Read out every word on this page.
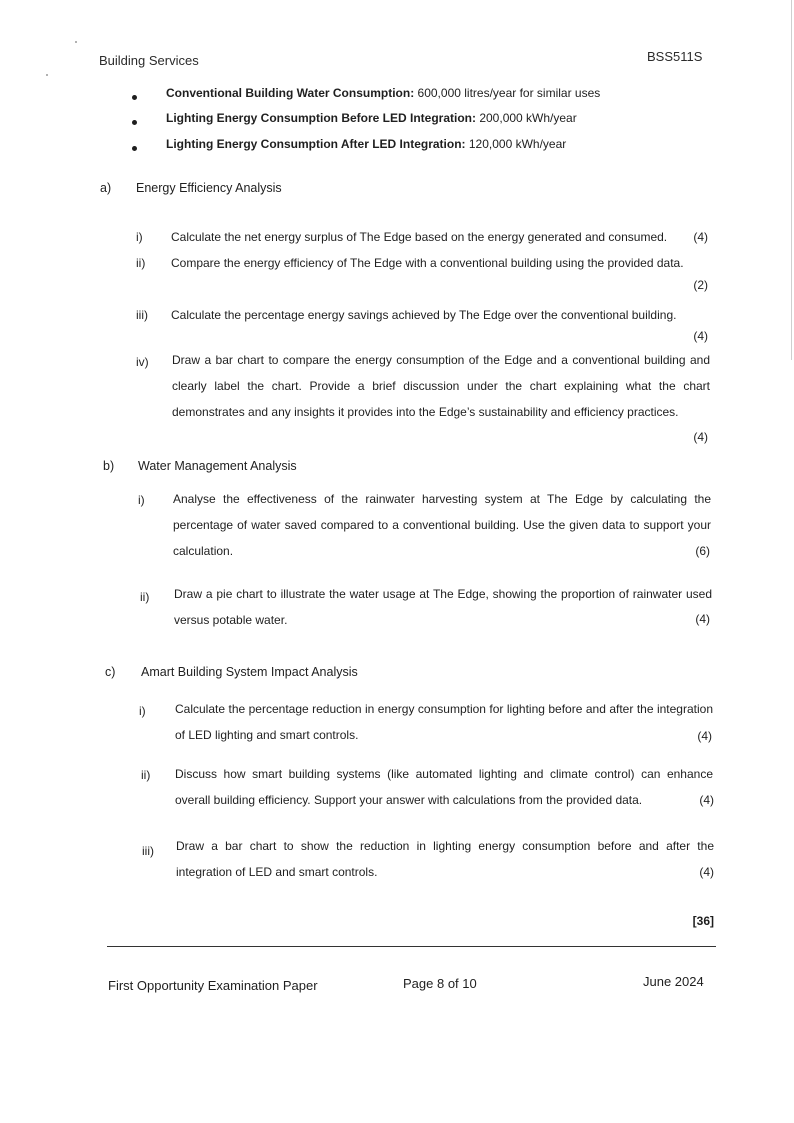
Building Services	BSS511S
Conventional Building Water Consumption: 600,000 litres/year for similar uses
Lighting Energy Consumption Before LED Integration: 200,000 kWh/year
Lighting Energy Consumption After LED Integration: 120,000 kWh/year
a) Energy Efficiency Analysis
i) Calculate the net energy surplus of The Edge based on the energy generated and consumed. (4)
ii) Compare the energy efficiency of The Edge with a conventional building using the provided data.
(2)
iii) Calculate the percentage energy savings achieved by The Edge over the conventional building.
(4)
iv) Draw a bar chart to compare the energy consumption of the Edge and a conventional building and clearly label the chart. Provide a brief discussion under the chart explaining what the chart demonstrates and any insights it provides into the Edge’s sustainability and efficiency practices.
(4)
b) Water Management Analysis
i) Analyse the effectiveness of the rainwater harvesting system at The Edge by calculating the percentage of water saved compared to a conventional building. Use the given data to support your calculation.	(6)
ii) Draw a pie chart to illustrate the water usage at The Edge, showing the proportion of rainwater used versus potable water.	(4)
c) Amart Building System Impact Analysis
i) Calculate the percentage reduction in energy consumption for lighting before and after the integration of LED lighting and smart controls.	(4)
ii) Discuss how smart building systems (like automated lighting and climate control) can enhance overall building efficiency. Support your answer with calculations from the provided data.	(4)
iii) Draw a bar chart to show the reduction in lighting energy consumption before and after the integration of LED and smart controls.	(4)
[36]
First Opportunity Examination Paper	Page 8 of 10	June 2024
